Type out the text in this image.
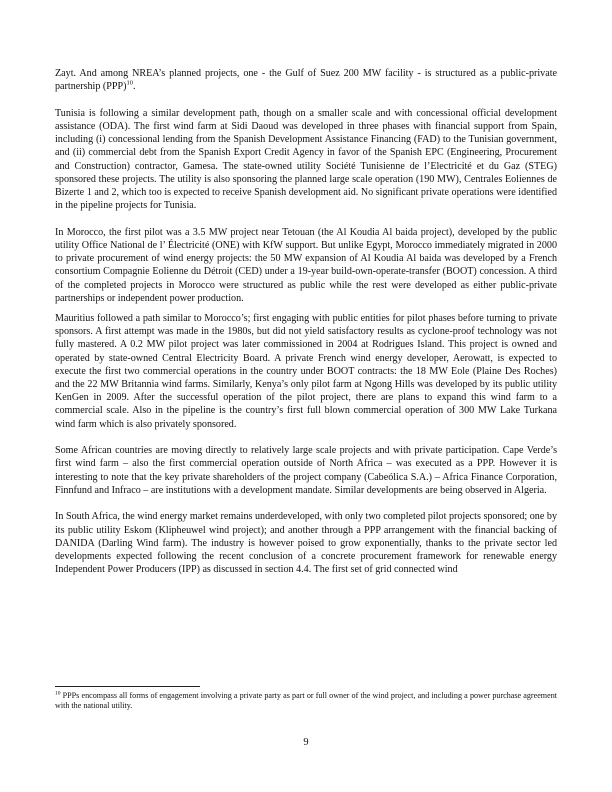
Zayt. And among NREA’s planned projects, one - the Gulf of Suez 200 MW facility - is structured as a public-private partnership (PPP)$^{10}$.

Tunisia is following a similar development path, though on a smaller scale and with concessional official development assistance (ODA). The first wind farm at Sidi Daoud was developed in three phases with financial support from Spain, including (i) concessional lending from the Spanish Development Assistance Financing (FAD) to the Tunisian government, and (ii) commercial debt from the Spanish Export Credit Agency in favor of the Spanish EPC (Engineering, Procurement and Construction) contractor, Gamesa. The state-owned utility Société Tunisienne de l’Electricité et du Gaz (STEG) sponsored these projects. The utility is also sponsoring the planned large scale operation (190 MW), Centrales Eoliennes de Bizerte 1 and 2, which too is expected to receive Spanish development aid. No significant private operations were identified in the pipeline projects for Tunisia.

In Morocco, the first pilot was a 3.5 MW project near Tetouan (the Al Koudia Al baida project), developed by the public utility Office National de l’ Électricité (ONE) with KfW support. But unlike Egypt, Morocco immediately migrated in 2000 to private procurement of wind energy projects: the 50 MW expansion of Al Koudia Al baida was developed by a French consortium Compagnie Eolienne du Détroit (CED) under a 19-year build-own-operate-transfer (BOOT) concession. A third of the completed projects in Morocco were structured as public while the rest were developed as either public-private partnerships or independent power production.

Mauritius followed a path similar to Morocco’s; first engaging with public entities for pilot phases before turning to private sponsors. A first attempt was made in the 1980s, but did not yield satisfactory results as cyclone-proof technology was not fully mastered. A 0.2 MW pilot project was later commissioned in 2004 at Rodrigues Island. This project is owned and operated by state-owned Central Electricity Board. A private French wind energy developer, Aerowatt, is expected to execute the first two commercial operations in the country under BOOT contracts: the 18 MW Eole (Plaine Des Roches) and the 22 MW Britannia wind farms. Similarly, Kenya’s only pilot farm at Ngong Hills was developed by its public utility KenGen in 2009. After the successful operation of the pilot project, there are plans to expand this wind farm to a commercial scale. Also in the pipeline is the country’s first full blown commercial operation of 300 MW Lake Turkana wind farm which is also privately sponsored.

Some African countries are moving directly to relatively large scale projects and with private participation. Cape Verde’s first wind farm – also the first commercial operation outside of North Africa – was executed as a PPP. However it is interesting to note that the key private shareholders of the project company (Cabeólica S.A.) – Africa Finance Corporation, Finnfund and Infraco – are institutions with a development mandate. Similar developments are being observed in Algeria.

In South Africa, the wind energy market remains underdeveloped, with only two completed pilot projects sponsored; one by its public utility Eskom (Klipheuwel wind project); and another through a PPP arrangement with the financial backing of DANIDA (Darling Wind farm). The industry is however poised to grow exponentially, thanks to the private sector led developments expected following the recent conclusion of a concrete procurement framework for renewable energy Independent Power Producers (IPP) as discussed in section 4.4. The first set of grid connected wind

$^{10}$ PPPs encompass all forms of engagement involving a private party as part or full owner of the wind project, and including a power purchase agreement with the national utility.

9
